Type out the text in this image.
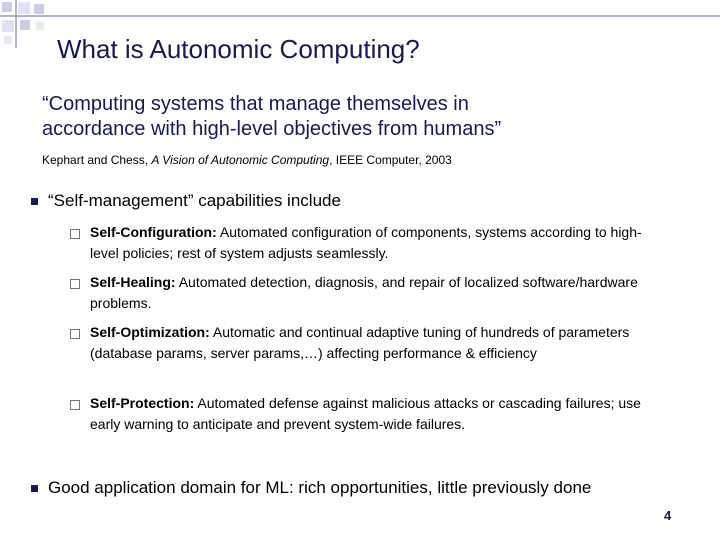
What is Autonomic Computing?
“Computing systems that manage themselves in
accordance with high-level objectives from humans”
Kephart and Chess, A Vision of Autonomic Computing, IEEE Computer, 2003
“Self-management” capabilities include
Self-Configuration: Automated configuration of components, systems according to high-level policies; rest of system adjusts seamlessly.
Self-Healing: Automated detection, diagnosis, and repair of localized software/hardware problems.
Self-Optimization: Automatic and continual adaptive tuning of hundreds of parameters (database params, server params,…) affecting performance & efficiency
Self-Protection: Automated defense against malicious attacks or cascading failures; use early warning to anticipate and prevent system-wide failures.
Good application domain for ML: rich opportunities, little previously done
4
